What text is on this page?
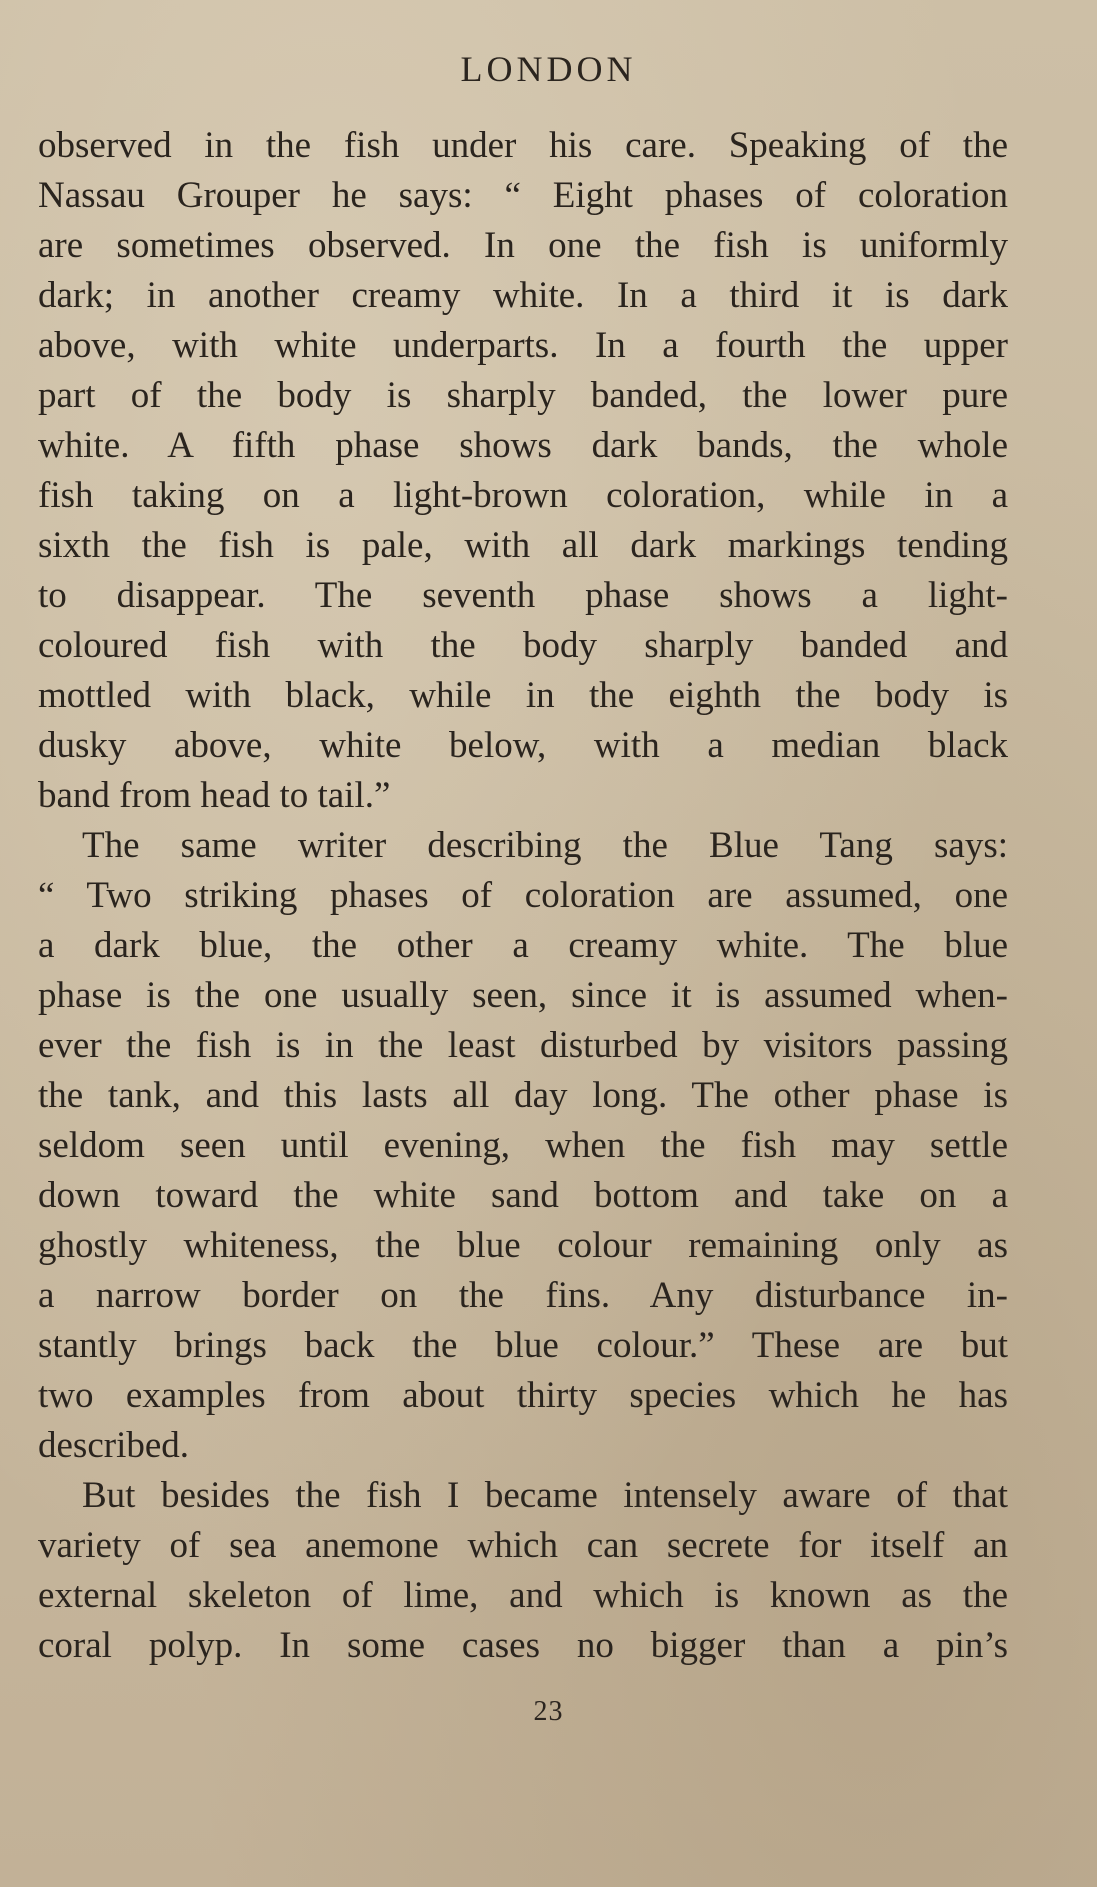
LONDON
observed in the fish under his care. Speaking of the
Nassau Grouper he says: “ Eight phases of coloration
are sometimes observed. In one the fish is uniformly
dark; in another creamy white. In a third it is dark
above, with white underparts. In a fourth the upper
part of the body is sharply banded, the lower pure
white. A fifth phase shows dark bands, the whole
fish taking on a light-brown coloration, while in a
sixth the fish is pale, with all dark markings tending
to disappear. The seventh phase shows a light-
coloured fish with the body sharply banded and
mottled with black, while in the eighth the body is
dusky above, white below, with a median black
band from head to tail.”
The same writer describing the Blue Tang says:
“ Two striking phases of coloration are assumed, one
a dark blue, the other a creamy white. The blue
phase is the one usually seen, since it is assumed when-
ever the fish is in the least disturbed by visitors passing
the tank, and this lasts all day long. The other phase is
seldom seen until evening, when the fish may settle
down toward the white sand bottom and take on a
ghostly whiteness, the blue colour remaining only as
a narrow border on the fins. Any disturbance in-
stantly brings back the blue colour.” These are but
two examples from about thirty species which he has
described.
But besides the fish I became intensely aware of that
variety of sea anemone which can secrete for itself an
external skeleton of lime, and which is known as the
coral polyp. In some cases no bigger than a pin’s
23
